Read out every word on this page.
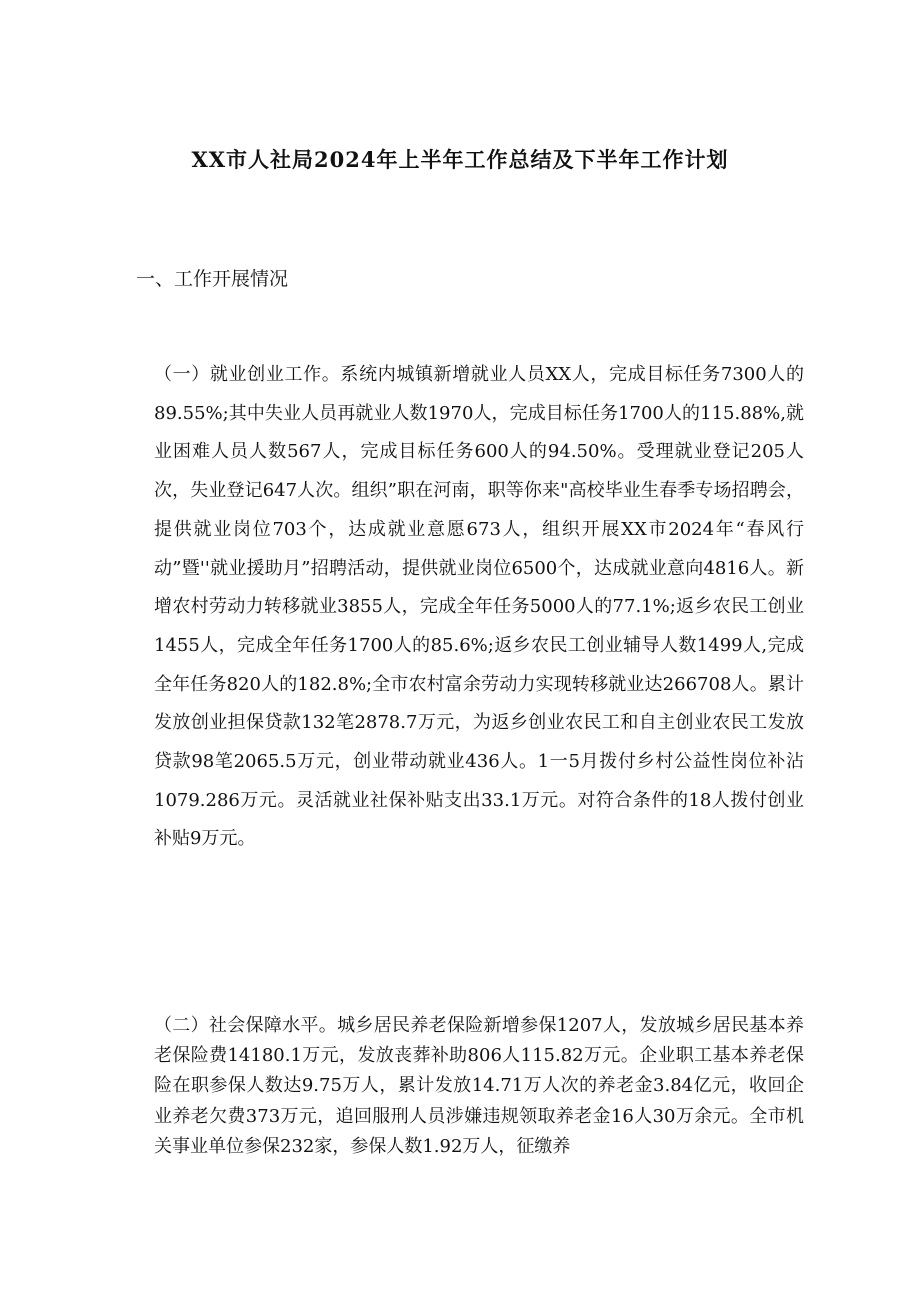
XX市人社局2024年上半年工作总结及下半年工作计划
一、工作开展情况

（一）就业创业工作。系统内城镇新增就业人员XX人，完成目标任务7300人的89.55%;其中失业人员再就业人数1970人，完成目标任务1700人的115.88%,就业困难人员人数567人，完成目标任务600人的94.50%。受理就业登记205人次，失业登记647人次。组织”职在河南，职等你来"高校毕业生春季专场招聘会，提供就业岗位703个，达成就业意愿673人，组织开展XX市2024年“春风行动”暨''就业援助月”招聘活动，提供就业岗位6500个，达成就业意向4816人。新增农村劳动力转移就业3855人，完成全年任务5000人的77.1%;返乡农民工创业1455人，完成全年任务1700人的85.6%;返乡农民工创业辅导人数1499人,完成全年任务820人的182.8%;全市农村富余劳动力实现转移就业达266708人。累计发放创业担保贷款132笔2878.7万元，为返乡创业农民工和自主创业农民工发放贷款98笔2065.5万元，创业带动就业436人。1一5月拨付乡村公益性岗位补沾1079.286万元。灵活就业社保补贴支出33.1万元。对符合条件的18人拨付创业补贴9万元。

（二）社会保障水平。城乡居民养老保险新增参保1207人，发放城乡居民基本养老保险费14180.1万元，发放丧葬补助806人115.82万元。企业职工基本养老保险在职参保人数达9.75万人，累计发放14.71万人次的养老金3.84亿元，收回企业养老欠费373万元，追回服刑人员涉嫌违规领取养老金16人30万余元。全市机关事业单位参保232家，参保人数1.92万人，征缴养
